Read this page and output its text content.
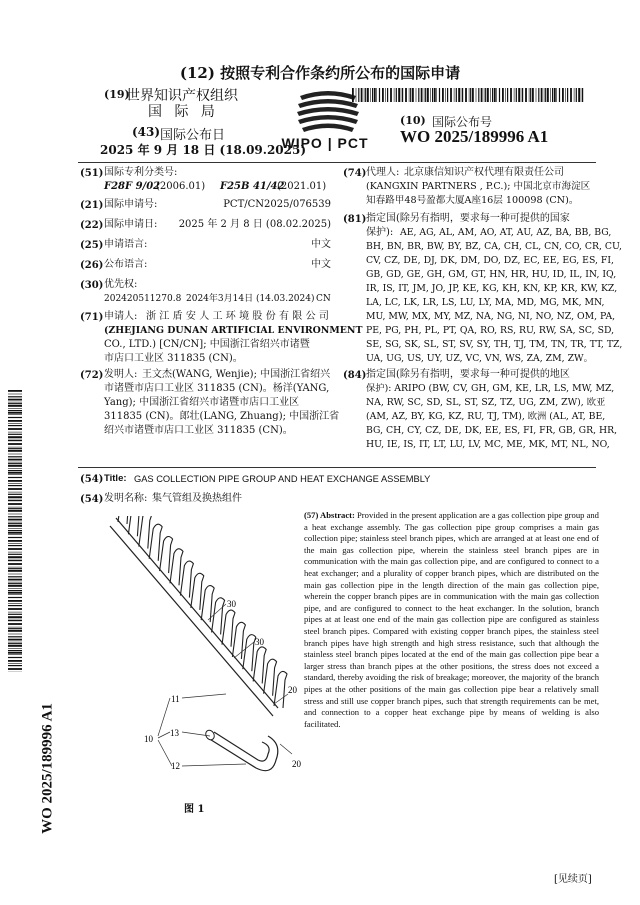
(12) 按照专利合作条约所公布的国际申请
(19)
世界知识产权组织
国 际 局
(43) 国际公布日
2025 年 9 月 18 日 (18.09.2025)
WIPO | PCT
(10) 国际公布号
WO 2025/189996 A1
WO 2025/189996 A1
(51) 国际专利分类号:
F28F 9/02
(2006.01) F25B 41/42
(2021.01)
(21) 国际申请号:	PCT/CN2025/076539
(22) 国际申请日:	2025 年 2 月 8 日 (08.02.2025)
(25) 申请语言:	中文
(26) 公布语言:	中文
(30) 优先权:
202420511270.8 2024年3月14日 (14.03.2024) CN
(71) 申请人: 浙江盾安人工环境股份有限公司
(ZHEJIANG DUNAN ARTIFICIAL ENVIRONMENT
CO., LTD.) [CN/CN]; 中国浙江省绍兴市诸暨
市店口工业区 311835 (CN)。
(72) 发明人: 王文杰(WANG, Wenjie); 中国浙江省绍兴
市诸暨市店口工业区 311835 (CN)。杨洋(YANG,
Yang); 中国浙江省绍兴市诸暨市店口工业区
311835 (CN)。郎壮(LANG, Zhuang); 中国浙江省
绍兴市诸暨市店口工业区 311835 (CN)。
(74) 代理人: 北京康信知识产权代理有限责任公司
(KANGXIN PARTNERS , P.C.); 中国北京市海淀区
知春路甲48号盈都大厦A座16层 100098 (CN)。
(81) 指定国(除另有指明，要求每一种可提供的国家
保护): AE, AG, AL, AM, AO, AT, AU, AZ, BA, BB, BG,
BH, BN, BR, BW, BY, BZ, CA, CH, CL, CN, CO, CR, CU,
CV, CZ, DE, DJ, DK, DM, DO, DZ, EC, EE, EG, ES, FI,
GB, GD, GE, GH, GM, GT, HN, HR, HU, ID, IL, IN, IQ,
IR, IS, IT, JM, JO, JP, KE, KG, KH, KN, KP, KR, KW, KZ,
LA, LC, LK, LR, LS, LU, LY, MA, MD, MG, MK, MN,
MU, MW, MX, MY, MZ, NA, NG, NI, NO, NZ, OM, PA,
PE, PG, PH, PL, PT, QA, RO, RS, RU, RW, SA, SC, SD,
SE, SG, SK, SL, ST, SV, SY, TH, TJ, TM, TN, TR, TT, TZ,
UA, UG, US, UY, UZ, VC, VN, WS, ZA, ZM, ZW。
(84) 指定国(除另有指明，要求每一种可提供的地区
保护): ARIPO (BW, CV, GH, GM, KE, LR, LS, MW, MZ,
NA, RW, SC, SD, SL, ST, SZ, TZ, UG, ZM, ZW), 欧亚
(AM, AZ, BY, KG, KZ, RU, TJ, TM), 欧洲 (AL, AT, BE,
BG, CH, CY, CZ, DE, DK, EE, ES, FI, FR, GB, GR, HR,
HU, IE, IS, IT, LT, LU, LV, MC, ME, MK, MT, NL, NO,
(54) Title: GAS COLLECTION PIPE GROUP AND HEAT EXCHANGE ASSEMBLY
(54) 发明名称: 集气管组及换热组件
(57) Abstract: Provided in the present application are a gas collection pipe group and a heat exchange assembly. The gas collection pipe group comprises a main gas collection pipe; stainless steel branch pipes, which are arranged at at least one end of the main gas collection pipe, wherein the stainless steel branch pipes are in communication with the main gas collection pipe, and are configured to connect to a heat exchanger; and a plurality of copper branch pipes, which are distributed on the main gas collection pipe in the length direction of the main gas collection pipe, wherein the copper branch pipes are in communication with the main gas collection pipe, and are configured to connect to the heat exchanger. In the solution, branch pipes at at least one end of the main gas collection pipe are configured as stainless steel branch pipes. Compared with existing copper branch pipes, the stainless steel branch pipes have high strength and high stress resistance, such that although the stainless steel branch pipes located at the end of the main gas collection pipe bear a larger stress than branch pipes at the other positions, the stress does not exceed a standard, thereby avoiding the risk of breakage; moreover, the majority of the branch pipes at the other positions of the main gas collection pipe bear a relatively small stress and still use copper branch pipes, such that strength requirements can be met, and connection to a copper heat exchange pipe by means of welding is also facilitated.
30
30
20
20
11
10
13
12
图 1
[见续页]
